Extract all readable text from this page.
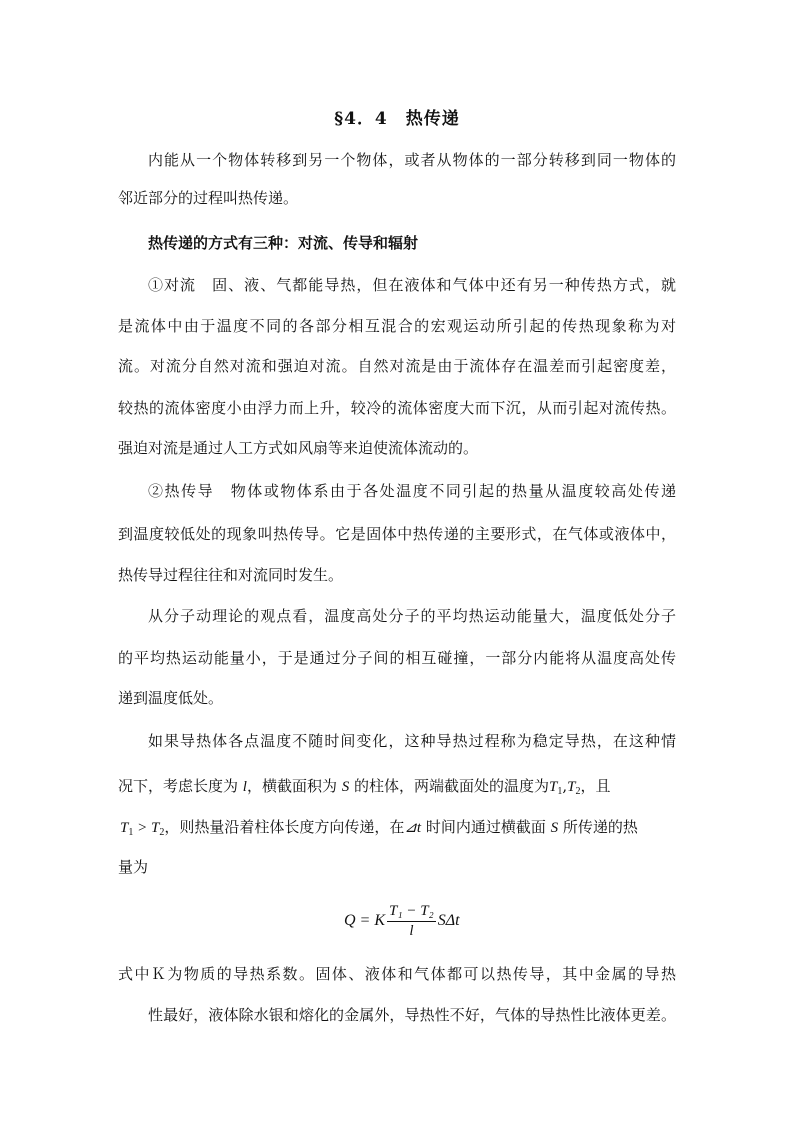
§4．4　热传递
内能从一个物体转移到另一个物体，或者从物体的一部分转移到同一物体的
邻近部分的过程叫热传递。
热传递的方式有三种：对流、传导和辐射
①对流　固、液、气都能导热，但在液体和气体中还有另一种传热方式，就
是流体中由于温度不同的各部分相互混合的宏观运动所引起的传热现象称为对
流。对流分自然对流和强迫对流。自然对流是由于流体存在温差而引起密度差，
较热的流体密度小由浮力而上升，较冷的流体密度大而下沉，从而引起对流传热。
强迫对流是通过人工方式如风扇等来迫使流体流动的。
②热传导　物体或物体系由于各处温度不同引起的热量从温度较高处传递
到温度较低处的现象叫热传导。它是固体中热传递的主要形式，在气体或液体中，
热传导过程往往和对流同时发生。
从分子动理论的观点看，温度高处分子的平均热运动能量大，温度低处分子
的平均热运动能量小，于是通过分子间的相互碰撞，一部分内能将从温度高处传
递到温度低处。
如果导热体各点温度不随时间变化，这种导热过程称为稳定导热，在这种情
况下，考虑长度为 l，横截面积为 S 的柱体，两端截面处的温度为$T_1,T_2$，且
$T_1 > T_2$，则热量沿着柱体长度方向传递，在⊿t 时间内通过横截面 S 所传递的热
量为
Q = K $\frac{\text{T₁ − T₂}}{l}$ SΔt
式中Ｋ为物质的导热系数。固体、液体和气体都可以热传导，其中金属的导热
性最好，液体除水银和熔化的金属外，导热性不好，气体的导热性比液体更差。
